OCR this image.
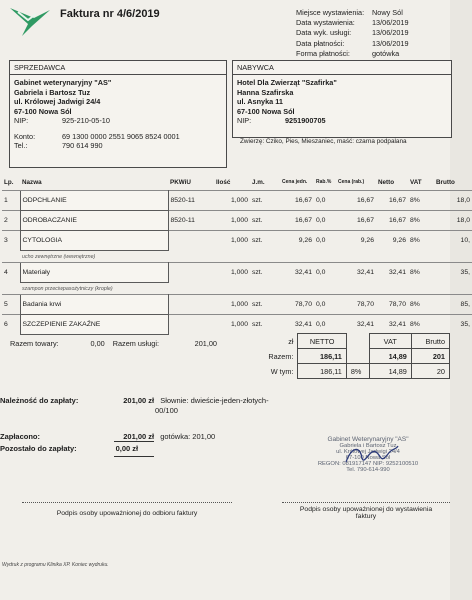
Faktura nr 4/6/2019	Miejsce wystawienia: Nowy Sól
Data wystawienia: 13/06/2019
Data wyk. usługi:	13/06/2019
Data płatności:	13/06/2019
Forma płatności:	gotówka
SPRZEDAWCA
Gabinet weterynaryjny "AS"
Gabriela i Bartosz Tuz
ul. Królowej Jadwigi 24/4
67-100 Nowa Sól
NIP:	925-210-05-10
Konto:	69 1300 0000 2551 9065 8524 0001
Tel.:	790 614 990
NABYWCA
Hotel Dla Zwierząt "Szafirka"
Hanna Szafirska
ul. Asnyka 11
67-100 Nowa Sól
NIP:	9251900705
Zwierzę: Cziko, Pies, Mieszaniec, maść: czarna podpalana
Lp.	Nazwa	PKWiU	Ilość	J.m.	Cena jedn.	Rab.%	Cena (rab.)	Netto	VAT	Brutto
1	ODPCHLANIE	8520-11	1,000	szt.	16,67	0,0	16,67	16,67	8%	18,0
2	ODROBACZANIE	8520-11	1,000	szt.	16,67	0,0	16,67	16,67	8%	18,0
3	CYTOLOGIA		1,000	szt.	9,26	0,0	9,26	9,26	8%	10,
	ucho zewnętrzne (wewnętrzne)									
4	Materiały		1,000	szt.	32,41	0,0	32,41	32,41	8%	35,
	szampon przeciwpasożytniczy (krople)									
5	Badania krwi		1,000	szt.	78,70	0,0	78,70	78,70	8%	85,
6	SZCZEPIENIE ZAKAŹNE		1,000	szt.	32,41	0,0	32,41	32,41	8%	35,
Razem towary:	0,00 Razem usługi:	201,00	zł	NETTO		VAT	Brutto
Razem:	186,11		14,89	201
W tym:	186,11	8%	14,89	20
Należność do zapłaty:	201,00 zł Słownie: dwieście-jeden-złotych-
00/100
Zapłacono:	201,00 zł gotówka: 201,00
Pozostało do zapłaty:	0,00 zł
Gabinet Weterynaryjny "AS"
Gabriela i Bartosz Tuz
ul. Królowej Jadwigi 24/4
67-100 Nowa Sól
REGON: 081917147 NIP: 9252100510
Tel. 790-614-990
Podpis osoby upoważnionej do odbioru faktury
Podpis osoby upoważnionej do wystawienia
faktury
Wydruk z programu Klinika XP. Koniec wydruku.
